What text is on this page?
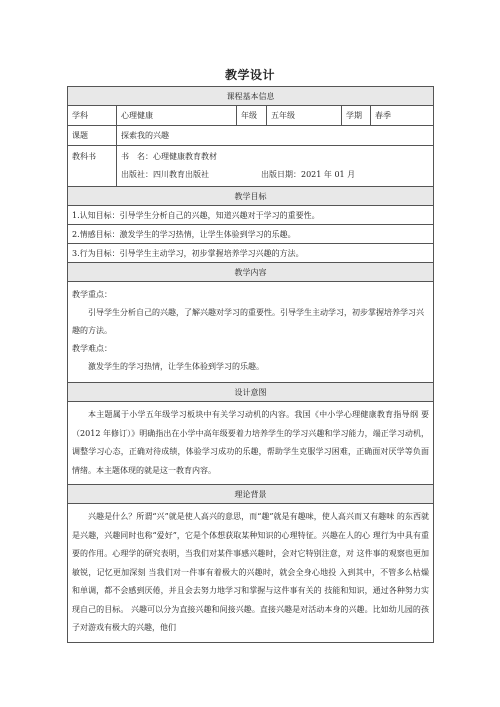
教学设计
课程基本信息					
学科	心理健康	年级	五年级	学期	春季
课题	探索我的兴趣				
教科书	书　名：心理健康教育教材
出版社：四川教育出版社 出版日期：2021 年 01 月				

教学目标					
1.认知目标：引导学生分析自己的兴趣，知道兴趣对于学习的重要性。					
2.情感目标：激发学生的学习热情，让学生体验到学习的乐趣。					
3.行为目标：引导学生主动学习，初步掌握培养学习兴趣的方法。					
教学内容					

教学重点：

引导学生分析自己的兴趣，了解兴趣对学习的重要性。引导学生主动学习，初步掌握培养学习兴趣的方法。

教学难点：

激发学生的学习热情，让学生体验到学习的乐趣。					

设计意图					

本主题属于小学五年级学习板块中有关学习动机的内容。我国《中小学心理健康教育指导纲 要（2012 年修订）》明确指出在小学中高年级要着力培养学生的学习兴趣和学习能力，端正学习动机，调整学习心态，正确对待成绩，体验学习成功的乐趣，帮助学生克服学习困难，正确面对厌学等负面情绪。本主题体现的就是这一教育内容。					

理论背景					

兴趣是什么？所谓“兴”就是使人高兴的意思，而“趣”就是有趣味，使人高兴而又有趣味 的东西就是兴趣，兴趣同时也称“爱好”，它是个体想获取某种知识的心理特征。兴趣在人的心 理行为中具有重要的作用。心理学的研究表明，当我们对某件事感兴趣时，会对它特别注意，对 这件事的观察也更加敏锐，记忆更加深刻 当我们对一件事有着极大的兴趣时，就会全身心地投 入到其中，不管多么枯燥和单调，都不会感到厌倦，并且会去努力地学习和掌握与这件事有关的 技能和知识，通过各种努力实现自己的目标。 兴趣可以分为直接兴趣和间接兴趣。直接兴趣是对活动本身的兴趣。比如幼儿园的孩子对游戏有极大的兴趣，他们					
